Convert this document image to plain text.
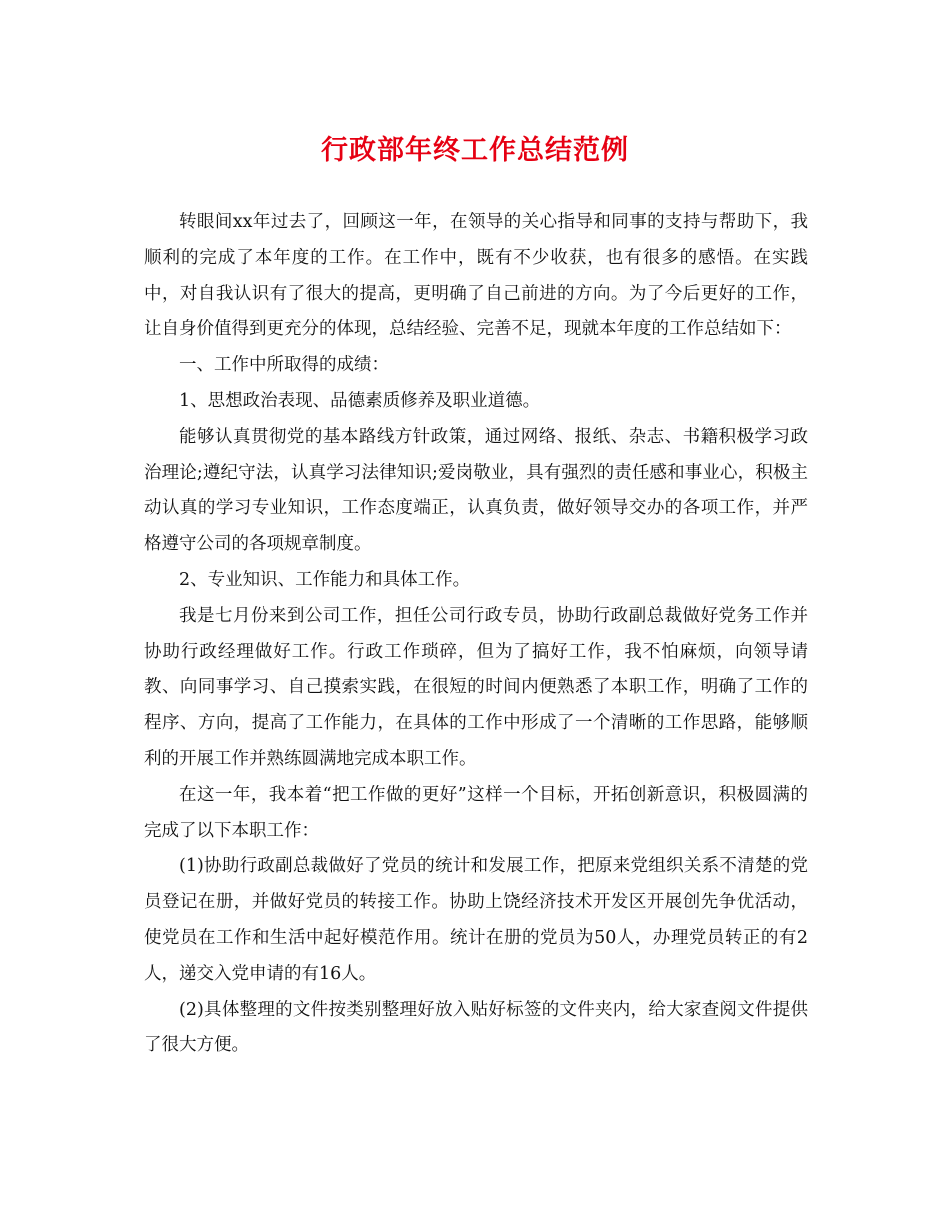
行政部年终工作总结范例

转眼间xx年过去了，回顾这一年，在领导的关心指导和同事的支持与帮助下，我顺利的完成了本年度的工作。在工作中，既有不少收获，也有很多的感悟。在实践中，对自我认识有了很大的提高，更明确了自己前进的方向。为了今后更好的工作，让自身价值得到更充分的体现，总结经验、完善不足，现就本年度的工作总结如下：

一、工作中所取得的成绩：

1、思想政治表现、品德素质修养及职业道德。

能够认真贯彻党的基本路线方针政策，通过网络、报纸、杂志、书籍积极学习政治理论;遵纪守法，认真学习法律知识;爱岗敬业，具有强烈的责任感和事业心，积极主动认真的学习专业知识，工作态度端正，认真负责，做好领导交办的各项工作，并严格遵守公司的各项规章制度。

2、专业知识、工作能力和具体工作。

我是七月份来到公司工作，担任公司行政专员，协助行政副总裁做好党务工作并协助行政经理做好工作。行政工作琐碎，但为了搞好工作，我不怕麻烦，向领导请教、向同事学习、自己摸索实践，在很短的时间内便熟悉了本职工作，明确了工作的程序、方向，提高了工作能力，在具体的工作中形成了一个清晰的工作思路，能够顺利的开展工作并熟练圆满地完成本职工作。

在这一年，我本着“把工作做的更好”这样一个目标，开拓创新意识，积极圆满的完成了以下本职工作：

(1)协助行政副总裁做好了党员的统计和发展工作，把原来党组织关系不清楚的党员登记在册，并做好党员的转接工作。协助上饶经济技术开发区开展创先争优活动，使党员在工作和生活中起好模范作用。统计在册的党员为50人，办理党员转正的有2人，递交入党申请的有16人。

(2)具体整理的文件按类别整理好放入贴好标签的文件夹内，给大家查阅文件提供了很大方便。
